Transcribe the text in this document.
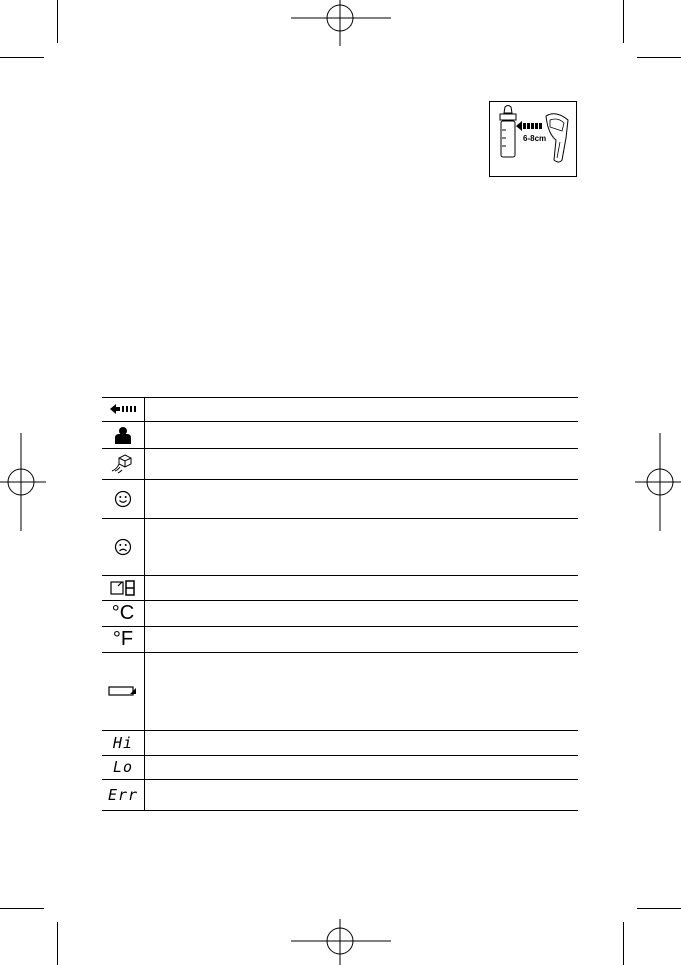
6-8cm
°C
°F
Hi
Lo
Err
